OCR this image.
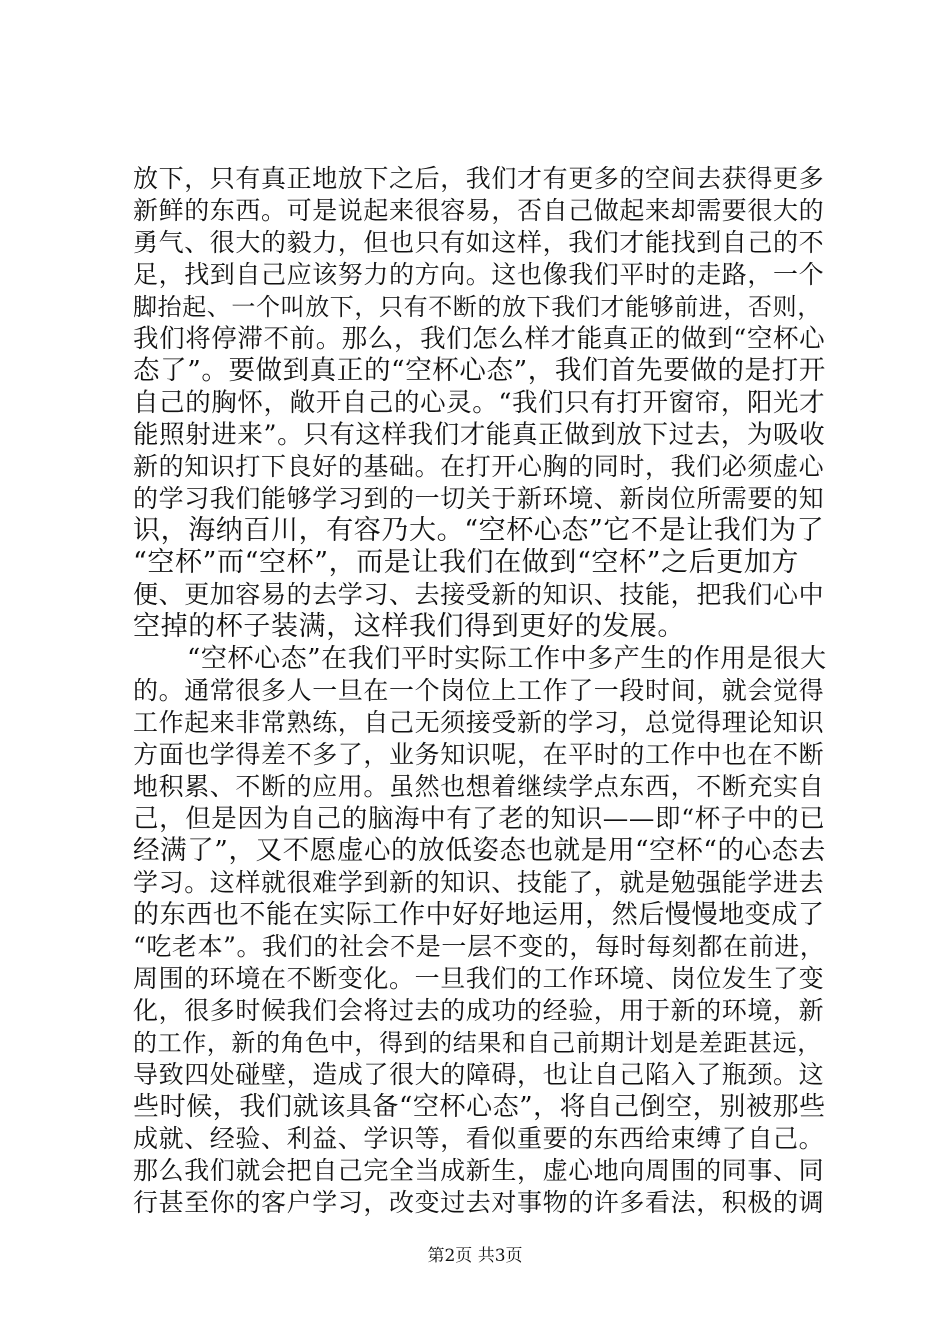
放下，只有真正地放下之后，我们才有更多的空间去获得更多
新鲜的东西。可是说起来很容易，否自己做起来却需要很大的
勇气、很大的毅力，但也只有如这样，我们才能找到自己的不
足，找到自己应该努力的方向。这也像我们平时的走路，一个
脚抬起、一个叫放下，只有不断的放下我们才能够前进，否则，
我们将停滞不前。那么，我们怎么样才能真正的做到“空杯心
态了”。要做到真正的“空杯心态”，我们首先要做的是打开
自己的胸怀，敞开自己的心灵。“我们只有打开窗帘，阳光才
能照射进来”。只有这样我们才能真正做到放下过去，为吸收
新的知识打下良好的基础。在打开心胸的同时，我们必须虚心
的学习我们能够学习到的一切关于新环境、新岗位所需要的知
识，海纳百川，有容乃大。“空杯心态”它不是让我们为了
“空杯”而“空杯”，而是让我们在做到“空杯”之后更加方
便、更加容易的去学习、去接受新的知识、技能，把我们心中
空掉的杯子装满，这样我们得到更好的发展。
“空杯心态”在我们平时实际工作中多产生的作用是很大
的。通常很多人一旦在一个岗位上工作了一段时间，就会觉得
工作起来非常熟练，自己无须接受新的学习，总觉得理论知识
方面也学得差不多了，业务知识呢，在平时的工作中也在不断
地积累、不断的应用。虽然也想着继续学点东西，不断充实自
己，但是因为自己的脑海中有了老的知识——即“杯子中的已
经满了”，又不愿虚心的放低姿态也就是用“空杯“的心态去
学习。这样就很难学到新的知识、技能了，就是勉强能学进去
的东西也不能在实际工作中好好地运用，然后慢慢地变成了
“吃老本”。我们的社会不是一层不变的，每时每刻都在前进，
周围的环境在不断变化。一旦我们的工作环境、岗位发生了变
化，很多时候我们会将过去的成功的经验，用于新的环境，新
的工作，新的角色中，得到的结果和自己前期计划是差距甚远，
导致四处碰壁，造成了很大的障碍，也让自己陷入了瓶颈。这
些时候，我们就该具备“空杯心态”，将自己倒空，别被那些
成就、经验、利益、学识等，看似重要的东西给束缚了自己。
那么我们就会把自己完全当成新生，虚心地向周围的同事、同
行甚至你的客户学习，改变过去对事物的许多看法，积极的调
第2页 共3页
